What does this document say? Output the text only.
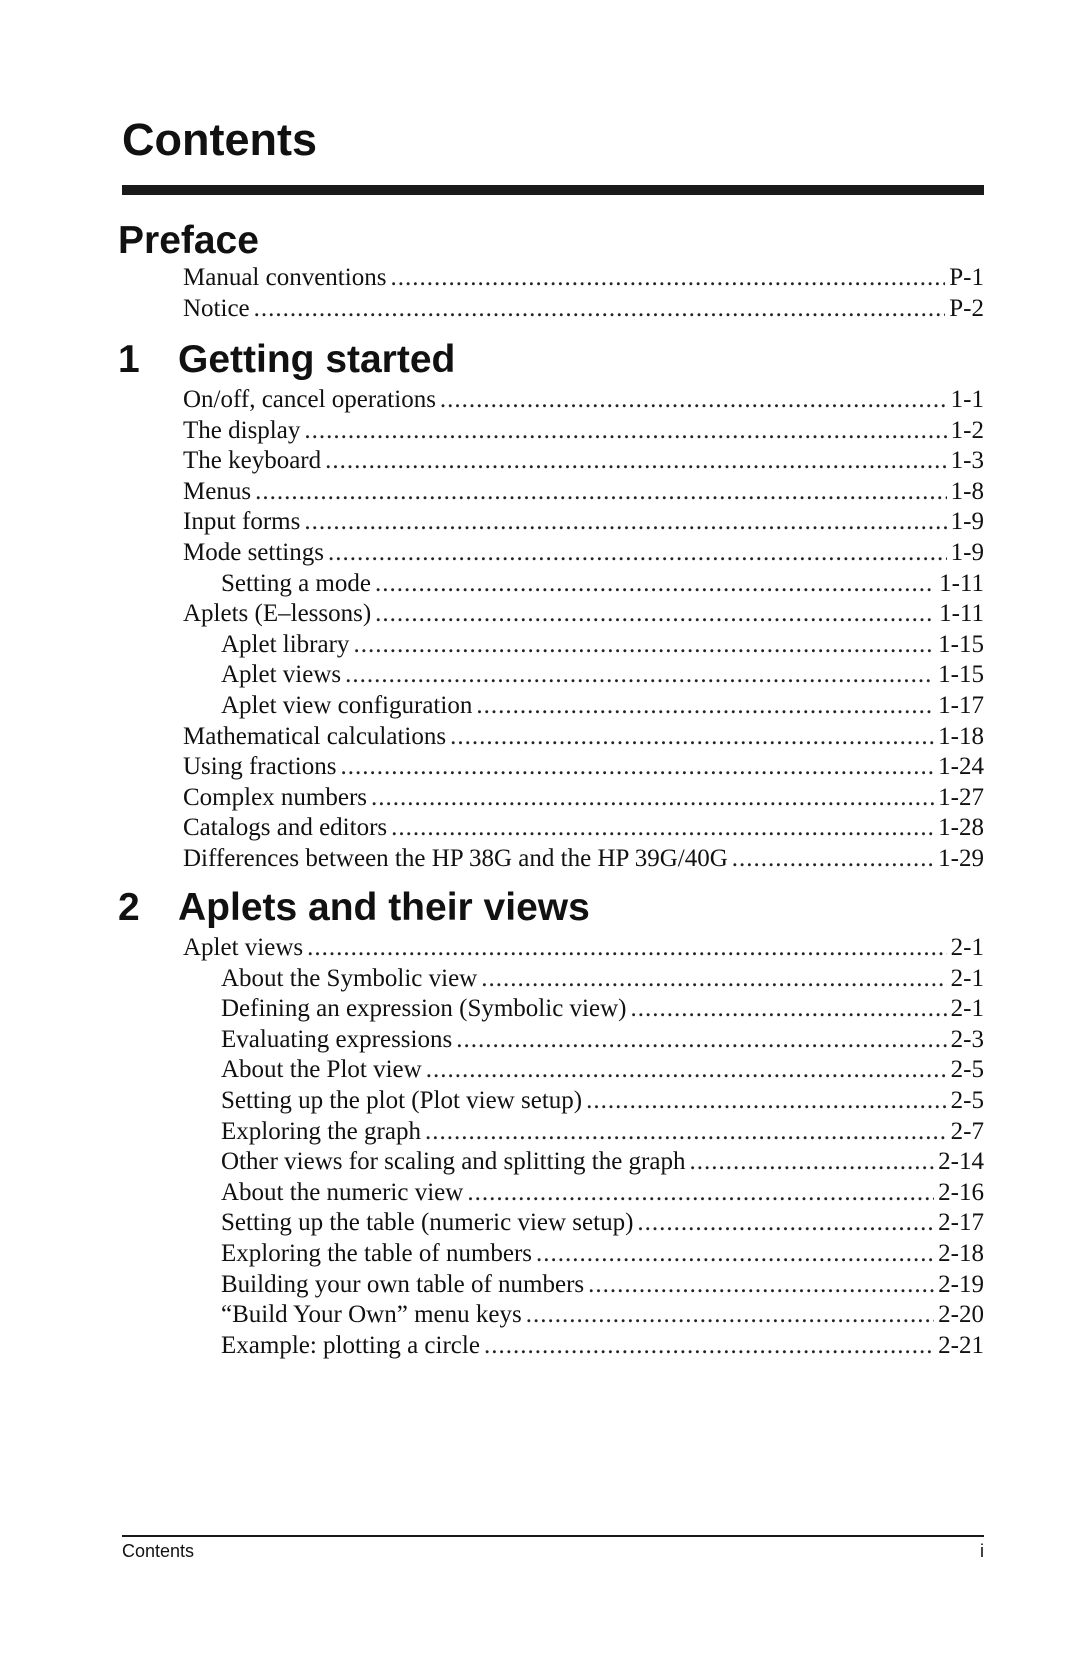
Contents
Preface
Manual conventions .....	P-1
Notice .....	P-2
1 Getting started
On/off, cancel operations .....	1-1
The display .....	1-2
The keyboard .....	1-3
Menus .....	1-8
Input forms .....	1-9
Mode settings .....	1-9
Setting a mode .....	1-11
Aplets (E–lessons) .....	1-11
Aplet library .....	1-15
Aplet views .....	1-15
Aplet view configuration .....	1-17
Mathematical calculations .....	1-18
Using fractions .....	1-24
Complex numbers .....	1-27
Catalogs and editors .....	1-28
Differences between the HP 38G and the HP 39G/40G .....	1-29
2 Aplets and their views
Aplet views .....	2-1
About the Symbolic view .....	2-1
Defining an expression (Symbolic view) .....	2-1
Evaluating expressions .....	2-3
About the Plot view .....	2-5
Setting up the plot (Plot view setup) .....	2-5
Exploring the graph .....	2-7
Other views for scaling and splitting the graph .....	2-14
About the numeric view .....	2-16
Setting up the table (numeric view setup) .....	2-17
Exploring the table of numbers .....	2-18
Building your own table of numbers .....	2-19
“Build Your Own” menu keys .....	2-20
Example: plotting a circle .....	2-21
Contents	i
